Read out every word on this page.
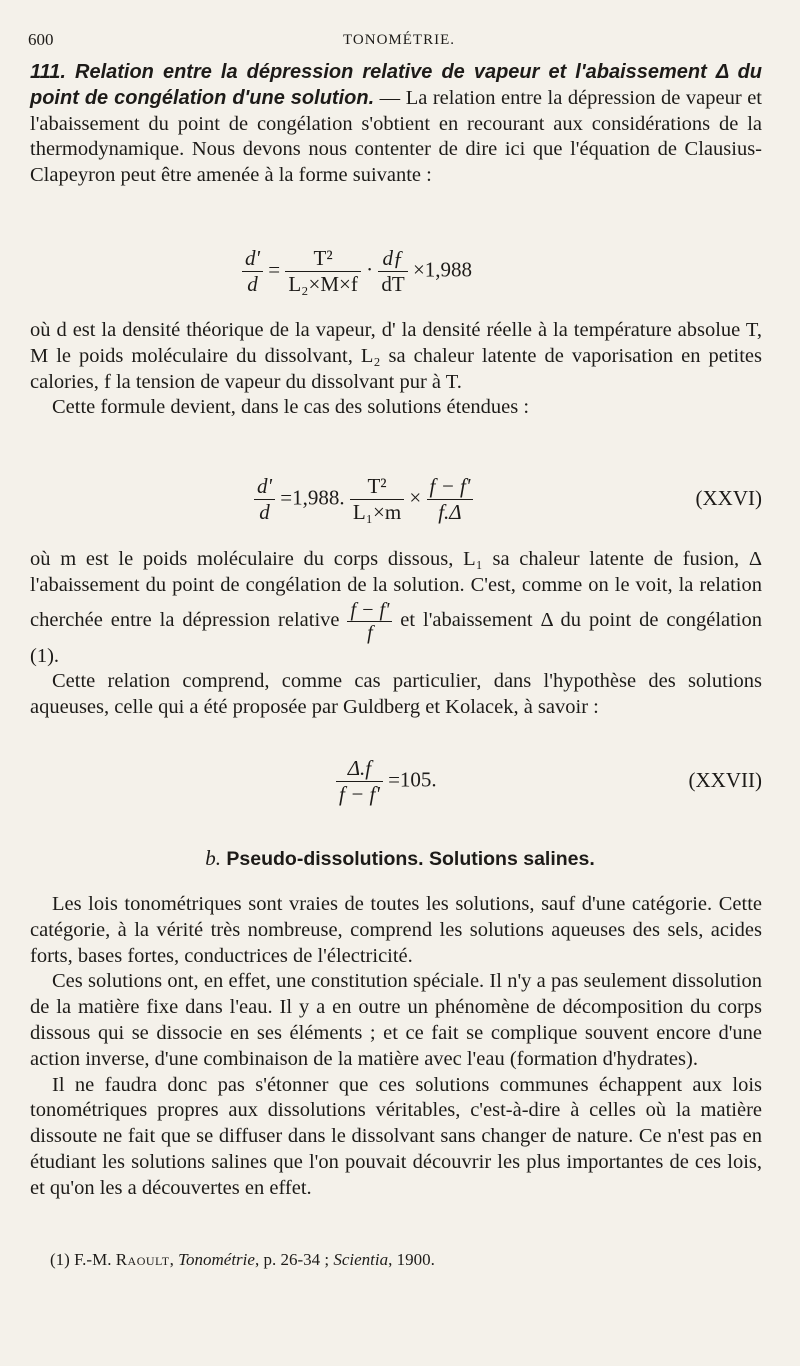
600	TONOMÉTRIE.

111. Relation entre la dépression relative de vapeur et l'abaissement Δ du point de congélation d'une solution. — La relation entre la dépression de vapeur et l'abaissement du point de congélation s'obtient en recourant aux considérations de la thermodynamique. Nous devons nous contenter de dire ici que l'équation de Clausius-Clapeyron peut être amenée à la forme suivante :

$\frac{d'}{d} = \frac{\text{T²}}{\text{L₂×M×f}} \cdot \frac{dƒ}{dT} \times 1,988$

où d est la densité théorique de la vapeur, d' la densité réelle à la température absolue T, M le poids moléculaire du dissolvant, L₂ sa chaleur latente de vaporisation en petites calories, f la tension de vapeur du dissolvant pur à T.

Cette formule devient, dans le cas des solutions étendues :

$\frac{d'}{d} =1,988$. $\frac{\text{T²}}{\text{L₁×m}} \times \frac{f - f'}{f.\Delta}$	(XXVI)

où m est le poids moléculaire du corps dissous, L₁ sa chaleur latente de fusion, Δ l'abaissement du point de congélation de la solution. C'est, comme on le voit, la relation cherchée entre la dépression relative $\frac{f - f'}{f}$ et l'abaissement Δ du point de congélation (1).

Cette relation comprend, comme cas particulier, dans l'hypothèse des solutions aqueuses, celle qui a été proposée par Guldberg et Kolacek, à savoir :

$\frac{\Delta.f}{f - f'} =105$.	(XXVII)
b. Pseudo-dissolutions. Solutions salines.

Les lois tonométriques sont vraies de toutes les solutions, sauf d'une catégorie. Cette catégorie, à la vérité très nombreuse, comprend les solutions aqueuses des sels, acides forts, bases fortes, conductrices de l'électricité.

Ces solutions ont, en effet, une constitution spéciale. Il n'y a pas seulement dissolution de la matière fixe dans l'eau. Il y a en outre un phénomène de décomposition du corps dissous qui se dissocie en ses éléments ; et ce fait se complique souvent encore d'une action inverse, d'une combinaison de la matière avec l'eau (formation d'hydrates).

Il ne faudra donc pas s'étonner que ces solutions communes échappent aux lois tonométriques propres aux dissolutions véritables, c'est-à-dire à celles où la matière dissoute ne fait que se diffuser dans le dissolvant sans changer de nature. Ce n'est pas en étudiant les solutions salines que l'on pouvait découvrir les plus importantes de ces lois, et qu'on les a découvertes en effet.

(1) F.-M. Raoult, Tonométrie, p. 26-34 ; Scientia, 1900.
